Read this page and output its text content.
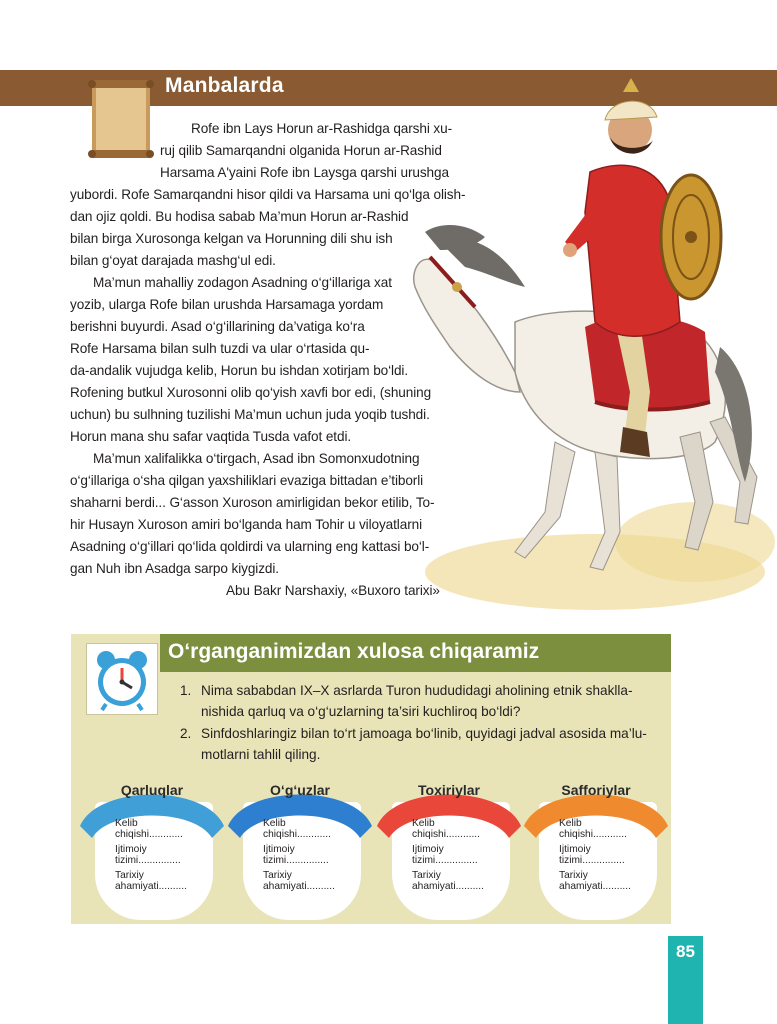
Manbalarda
Rofe ibn Lays Horun ar-Rashidga qarshi xu-
ruj qilib Samarqandni olganida Horun ar-Rashid
Harsama A'yaini Rofe ibn Laysga qarshi urushga
yubordi. Rofe Samarqandni hisor qildi va Harsama uni qo‘lga olish-
dan ojiz qoldi. Bu hodisa sabab Ma’mun Horun ar-Rashid
bilan birga Xurosonga kelgan va Horunning dili shu ish
bilan g‘oyat darajada mashg‘ul edi.
Ma’mun mahalliy zodagon Asadning o‘g‘illariga xat
yozib, ularga Rofe bilan urushda Harsamaga yordam
berishni buyurdi. Asad o‘g‘illarining da’vatiga ko‘ra
Rofe Harsama bilan sulh tuzdi va ular o‘rtasida qu-
da-andalik vujudga kelib, Horun bu ishdan xotirjam bo‘ldi.
Rofening butkul Xurosonni olib qo‘yish xavfi bor edi, (shuning
uchun) bu sulhning tuzilishi Ma’mun uchun juda yoqib tushdi.
Horun mana shu safar vaqtida Tusda vafot etdi.
Ma’mun xalifalikka o‘tirgach, Asad ibn Somonxudotning
o‘g‘illariga o‘sha qilgan yaxshiliklari evaziga bittadan e’tiborli
shaharni berdi... G‘asson Xuroson amirligidan bekor etilib, To-
hir Husayn Xuroson amiri bo‘lganda ham Tohir u viloyatlarni
Asadning o‘g‘illari qo‘lida qoldirdi va ularning eng kattasi bo‘l-
gan Nuh ibn Asadga sarpo kiygizdi.
Abu Bakr Narshaxiy, «Buxoro tarixi»
O‘rganganimizdan xulosa chiqaramiz
1. Nima sababdan IX–X asrlarda Turon hududidagi aholining etnik shaklla-
nishida qarluq va o‘g‘uzlarning ta’siri kuchliroq bo‘ldi?
2. Sinfdoshlaringiz bilan to‘rt jamoaga bo‘linib, quyidagi jadval asosida ma’lu-
motlarni tahlil qiling.
Qarluqlar
Kelib
chiqishi............
Ijtimoiy
tizimi...............
Tarixiy
ahamiyati..........
O‘g‘uzlar
Kelib
chiqishi............
Ijtimoiy
tizimi...............
Tarixiy
ahamiyati..........
Toxiriylar
Kelib
chiqishi............
Ijtimoiy
tizimi...............
Tarixiy
ahamiyati..........
Safforiylar
Kelib
chiqishi............
Ijtimoiy
tizimi...............
Tarixiy
ahamiyati..........
85
